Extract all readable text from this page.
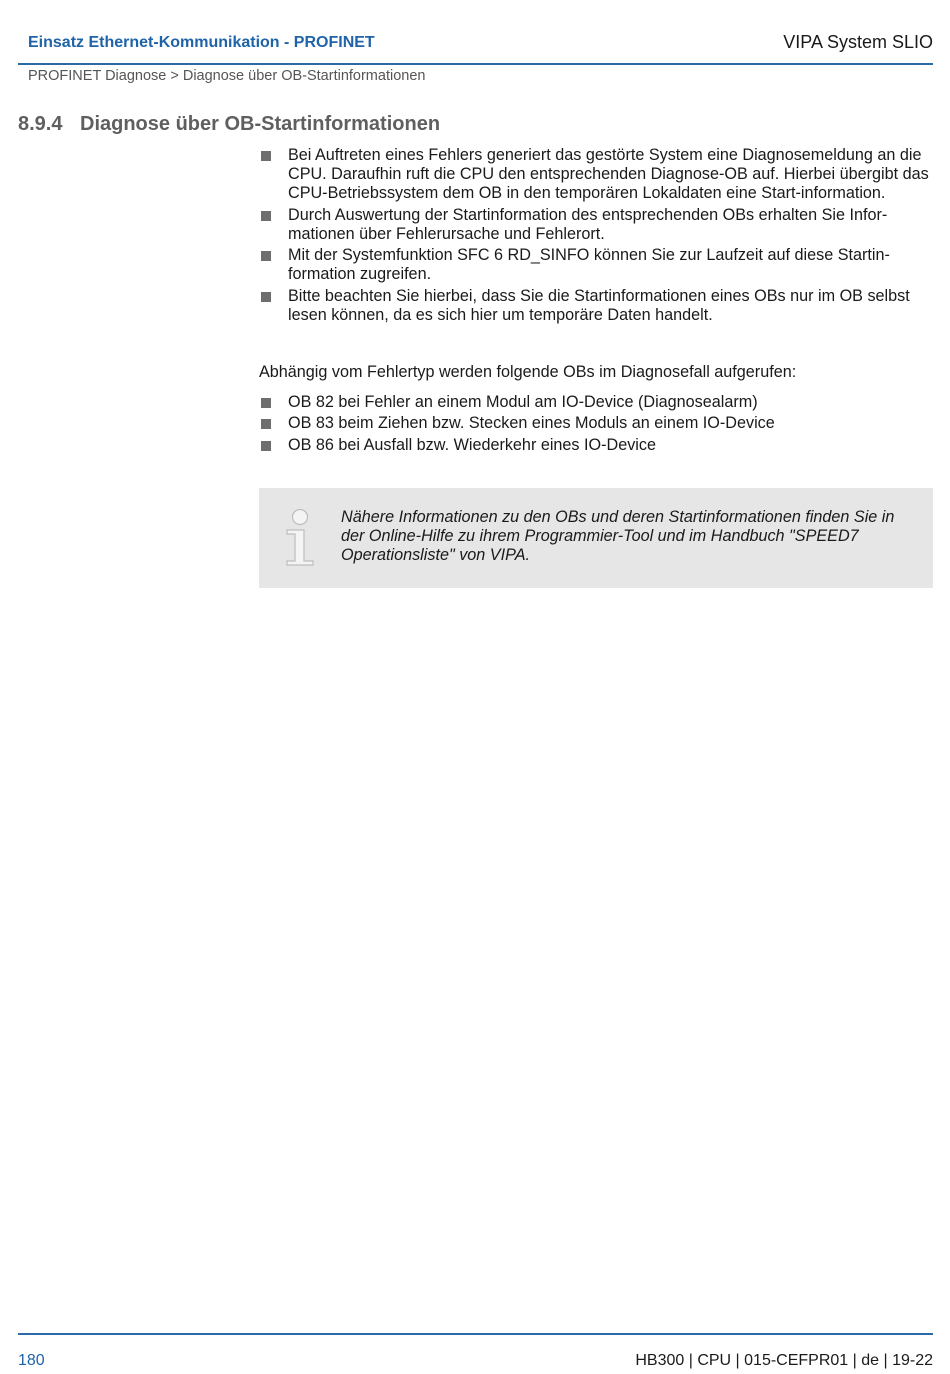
Einsatz Ethernet-Kommunikation - PROFINET	VIPA System SLIO
PROFINET Diagnose > Diagnose über OB-Startinformationen
8.9.4 Diagnose über OB-Startinformationen
Bei Auftreten eines Fehlers generiert das gestörte System eine Diagnosemeldung an die CPU. Daraufhin ruft die CPU den entsprechenden Diagnose-OB auf. Hierbei übergibt das CPU-Betriebssystem dem OB in den temporären Lokaldaten eine Start-information.
Durch Auswertung der Startinformation des entsprechenden OBs erhalten Sie Infor-mationen über Fehlerursache und Fehlerort.
Mit der Systemfunktion SFC 6 RD_SINFO können Sie zur Laufzeit auf diese Startin-formation zugreifen.
Bitte beachten Sie hierbei, dass Sie die Startinformationen eines OBs nur im OB selbst lesen können, da es sich hier um temporäre Daten handelt.

Abhängig vom Fehlertyp werden folgende OBs im Diagnosefall aufgerufen:

OB 82 bei Fehler an einem Modul am IO-Device (Diagnosealarm)
OB 83 beim Ziehen bzw. Stecken eines Moduls an einem IO-Device
OB 86 bei Ausfall bzw. Wiederkehr eines IO-Device
Nähere Informationen zu den OBs und deren Startinformationen finden Sie in der Online-Hilfe zu ihrem Programmier-Tool und im Handbuch "SPEED7 Operationsliste" von VIPA.
180	HB300 | CPU | 015-CEFPR01 | de | 19-22
